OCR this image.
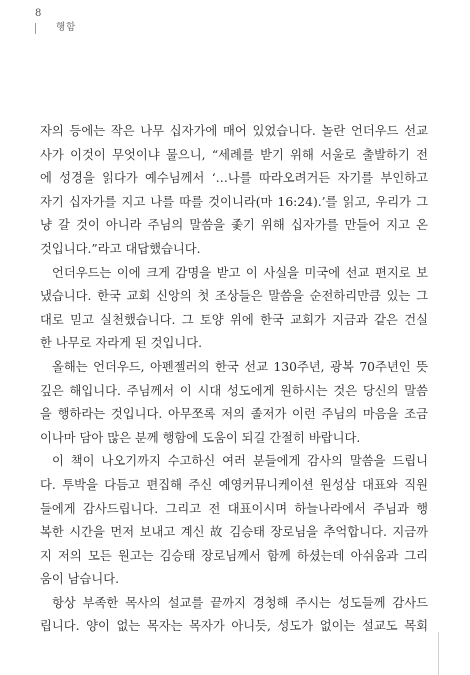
8
행함

자의 등에는 작은 나무 십자가에 매어 있었습니다. 놀란 언더우드 선교
사가 이것이 무엇이냐 물으니, “세례를 받기 위해 서울로 출발하기 전
에 성경을 읽다가 예수님께서 ‘…나를 따라오려거든 자기를 부인하고
자기 십자가를 지고 나를 따를 것이니라(마 16:24).’를 읽고, 우리가 그
냥 갈 것이 아니라 주님의 말씀을 좇기 위해 십자가를 만들어 지고 온
것입니다.”라고 대답했습니다.

언더우드는 이에 크게 감명을 받고 이 사실을 미국에 선교 편지로 보
냈습니다. 한국 교회 신앙의 첫 조상들은 말씀을 순전하리만큼 있는 그
대로 믿고 실천했습니다. 그 토양 위에 한국 교회가 지금과 같은 건실
한 나무로 자라게 된 것입니다.

올해는 언더우드, 아펜젤러의 한국 선교 130주년, 광복 70주년인 뜻
깊은 해입니다. 주님께서 이 시대 성도에게 원하시는 것은 당신의 말씀
을 행하라는 것입니다. 아무쪼록 저의 졸저가 이런 주님의 마음을 조금
이나마 담아 많은 분께 행함에 도움이 되길 간절히 바랍니다.

이 책이 나오기까지 수고하신 여러 분들에게 감사의 말씀을 드립니
다. 투박을 다듬고 편집해 주신 예영커뮤니케이션 원성삼 대표와 직원
들에게 감사드립니다. 그리고 전 대표이시며 하늘나라에서 주님과 행
복한 시간을 먼저 보내고 계신 故 김승태 장로님을 추억합니다. 지금까
지 저의 모든 원고는 김승태 장로님께서 함께 하셨는데 아쉬움과 그리
움이 남습니다.

항상 부족한 목사의 설교를 끝까지 경청해 주시는 성도들께 감사드
립니다. 양이 없는 목자는 목자가 아니듯, 성도가 없이는 설교도 목회
